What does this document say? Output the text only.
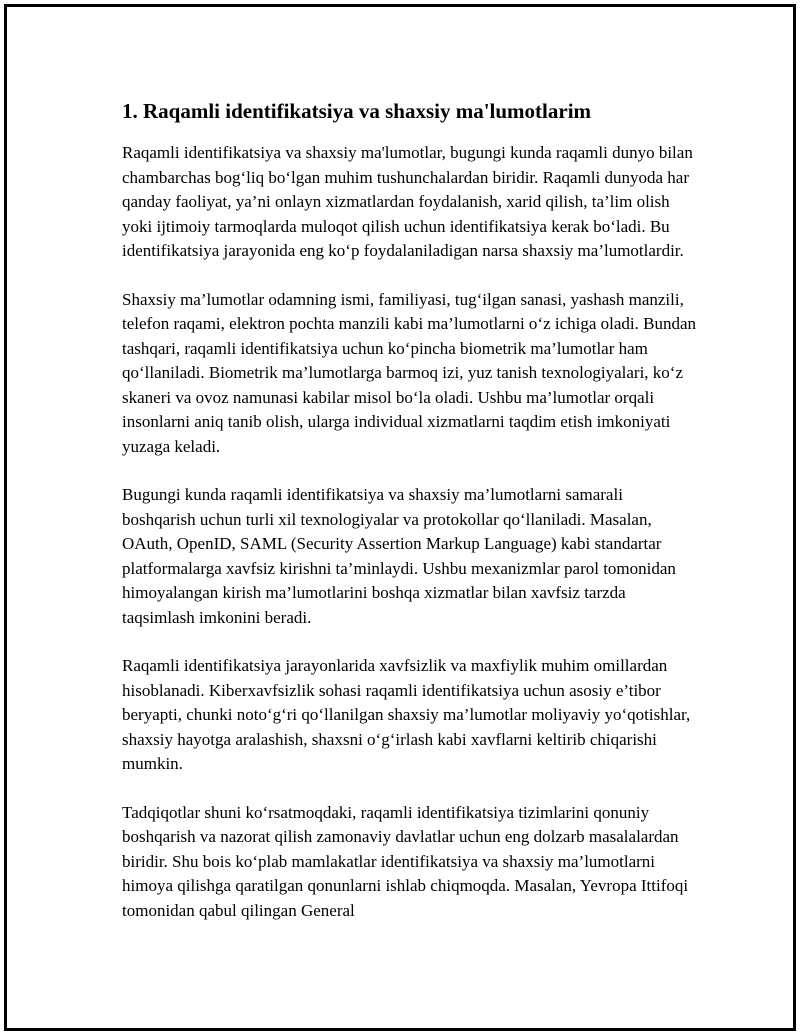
1. Raqamli identifikatsiya va shaxsiy ma'lumotlarim

Raqamli identifikatsiya va shaxsiy ma'lumotlar, bugungi kunda raqamli dunyo bilan chambarchas bog‘liq bo‘lgan muhim tushunchalardan biridir. Raqamli dunyoda har qanday faoliyat, ya’ni onlayn xizmatlardan foydalanish, xarid qilish, ta’lim olish yoki ijtimoiy tarmoqlarda muloqot qilish uchun identifikatsiya kerak bo‘ladi. Bu identifikatsiya jarayonida eng ko‘p foydalaniladigan narsa shaxsiy ma’lumotlardir.

Shaxsiy ma’lumotlar odamning ismi, familiyasi, tug‘ilgan sanasi, yashash manzili, telefon raqami, elektron pochta manzili kabi ma’lumotlarni o‘z ichiga oladi. Bundan tashqari, raqamli identifikatsiya uchun ko‘pincha biometrik ma’lumotlar ham qo‘llaniladi. Biometrik ma’lumotlarga barmoq izi, yuz tanish texnologiyalari, ko‘z skaneri va ovoz namunasi kabilar misol bo‘la oladi. Ushbu ma’lumotlar orqali insonlarni aniq tanib olish, ularga individual xizmatlarni taqdim etish imkoniyati yuzaga keladi.

Bugungi kunda raqamli identifikatsiya va shaxsiy ma’lumotlarni samarali boshqarish uchun turli xil texnologiyalar va protokollar qo‘llaniladi. Masalan, OAuth, OpenID, SAML (Security Assertion Markup Language) kabi standartar platformalarga xavfsiz kirishni ta’minlaydi. Ushbu mexanizmlar parol tomonidan himoyalangan kirish ma’lumotlarini boshqa xizmatlar bilan xavfsiz tarzda taqsimlash imkonini beradi.

Raqamli identifikatsiya jarayonlarida xavfsizlik va maxfiylik muhim omillardan hisoblanadi. Kiberxavfsizlik sohasi raqamli identifikatsiya uchun asosiy e’tibor beryapti, chunki noto‘g‘ri qo‘llanilgan shaxsiy ma’lumotlar moliyaviy yo‘qotishlar, shaxsiy hayotga aralashish, shaxsni o‘g‘irlash kabi xavflarni keltirib chiqarishi mumkin.

Tadqiqotlar shuni ko‘rsatmoqdaki, raqamli identifikatsiya tizimlarini qonuniy boshqarish va nazorat qilish zamonaviy davlatlar uchun eng dolzarb masalalardan biridir. Shu bois ko‘plab mamlakatlar identifikatsiya va shaxsiy ma’lumotlarni himoya qilishga qaratilgan qonunlarni ishlab chiqmoqda. Masalan, Yevropa Ittifoqi tomonidan qabul qilingan General
